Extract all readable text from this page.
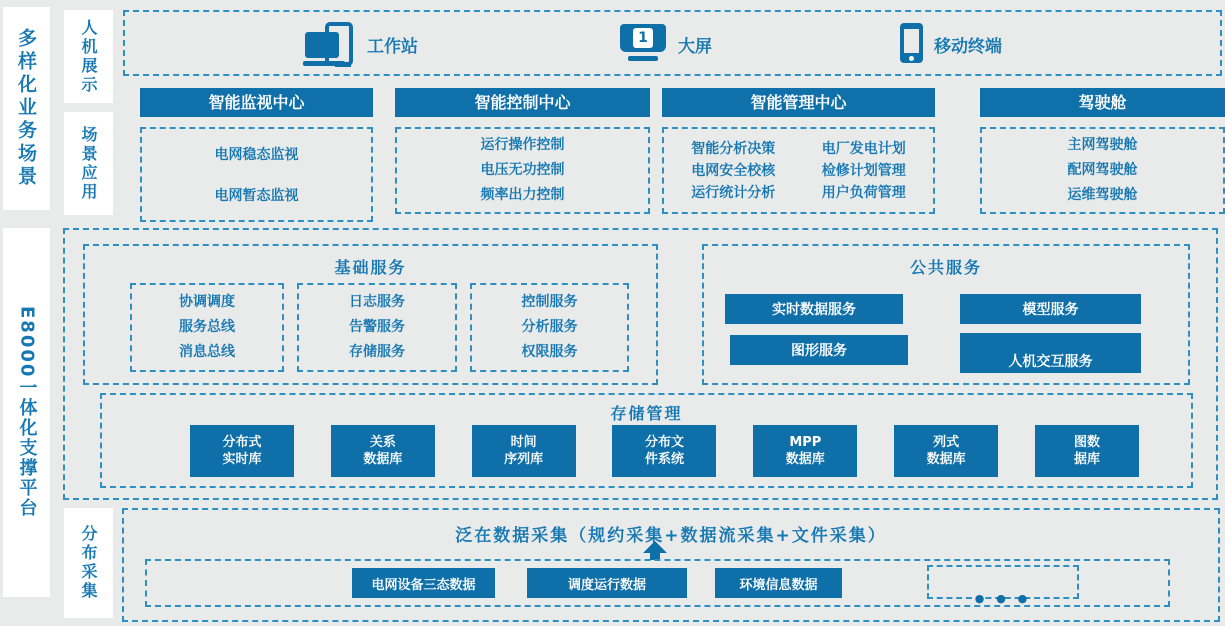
多样化业务场景
E8000一体化支撑平台
人机展示
场景应用
分布采集
工作站	1	大屏	移动终端
智能监视中心
电网稳态监视
电网暂态监视
智能控制中心
运行操作控制
电压无功控制
频率出力控制
智能管理中心
智能分析决策	电厂发电计划
电网安全校核	检修计划管理
运行统计分析	用户负荷管理
驾驶舱
主网驾驶舱
配网驾驶舱
运维驾驶舱
基础服务
协调调度
服务总线
消息总线
日志服务
告警服务
存储服务
控制服务
分析服务
权限服务
公共服务
实时数据服务	模型服务
图形服务
人机交互服务
存储管理
分布式
实时库
关系
数据库
时间
序列库
分布文
件系统
MPP
数据库
列式
数据库
图数
据库
泛在数据采集（规约采集+数据流采集+文件采集）
电网设备三态数据	调度运行数据	环境信息数据
● ● ●
